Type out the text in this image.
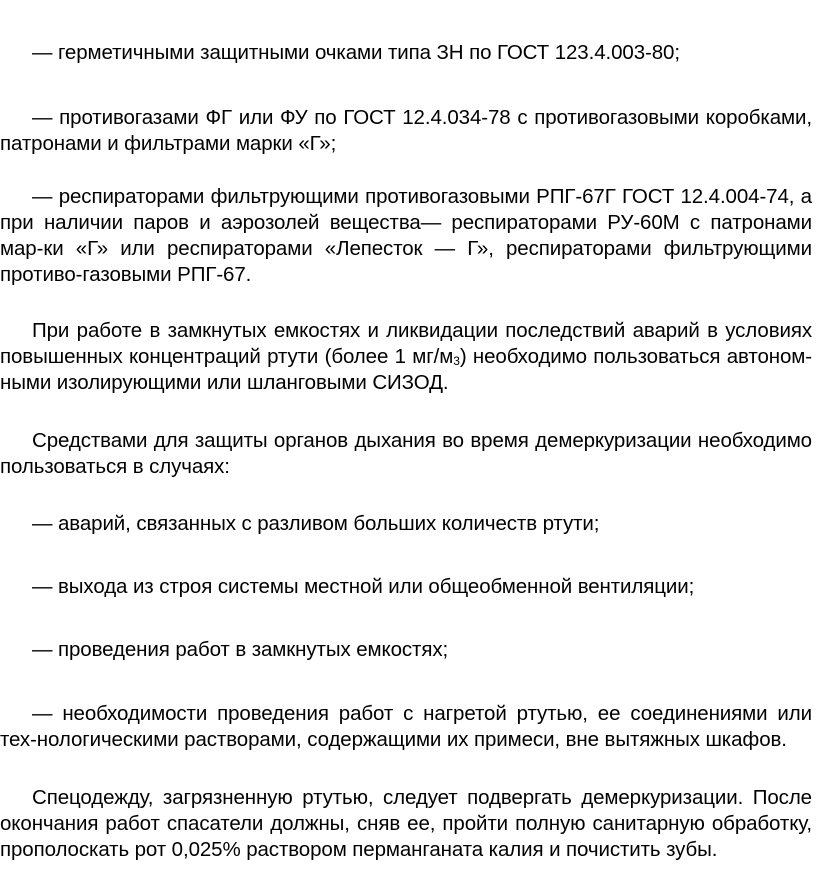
— герметичными защитными очками типа ЗН по ГОСТ 123.4.003-80;

— противогазами ФГ или ФУ по ГОСТ 12.4.034-78 с противогазовыми коробками, патронами и фильтрами марки «Г»;

— респираторами фильтрующими противогазовыми РПГ-67Г ГОСТ 12.4.004-74, а при наличии паров и аэрозолей вещества— респираторами РУ-60М с патронами мар-ки «Г» или респираторами «Лепесток — Г», респираторами фильтрующими противо-газовыми РПГ-67.

При работе в замкнутых емкостях и ликвидации последствий аварий в условиях повышенных концентраций ртути (более 1 $мг/м_3$) необходимо пользоваться автоном-ными изолирующими или шланговыми СИЗОД.

Средствами для защиты органов дыхания во время демеркуризации необходимо пользоваться в случаях:

— аварий, связанных с разливом больших количеств ртути;

— выхода из строя системы местной или общеобменной вентиляции;

— проведения работ в замкнутых емкостях;

— необходимости проведения работ с нагретой ртутью, ее соединениями или тех-нологическими растворами, содержащими их примеси, вне вытяжных шкафов.

Спецодежду, загрязненную ртутью, следует подвергать демеркуризации. После окончания работ спасатели должны, сняв ее, пройти полную санитарную обработку, прополоскать рот 0,025% раствором перманганата калия и почистить зубы.
